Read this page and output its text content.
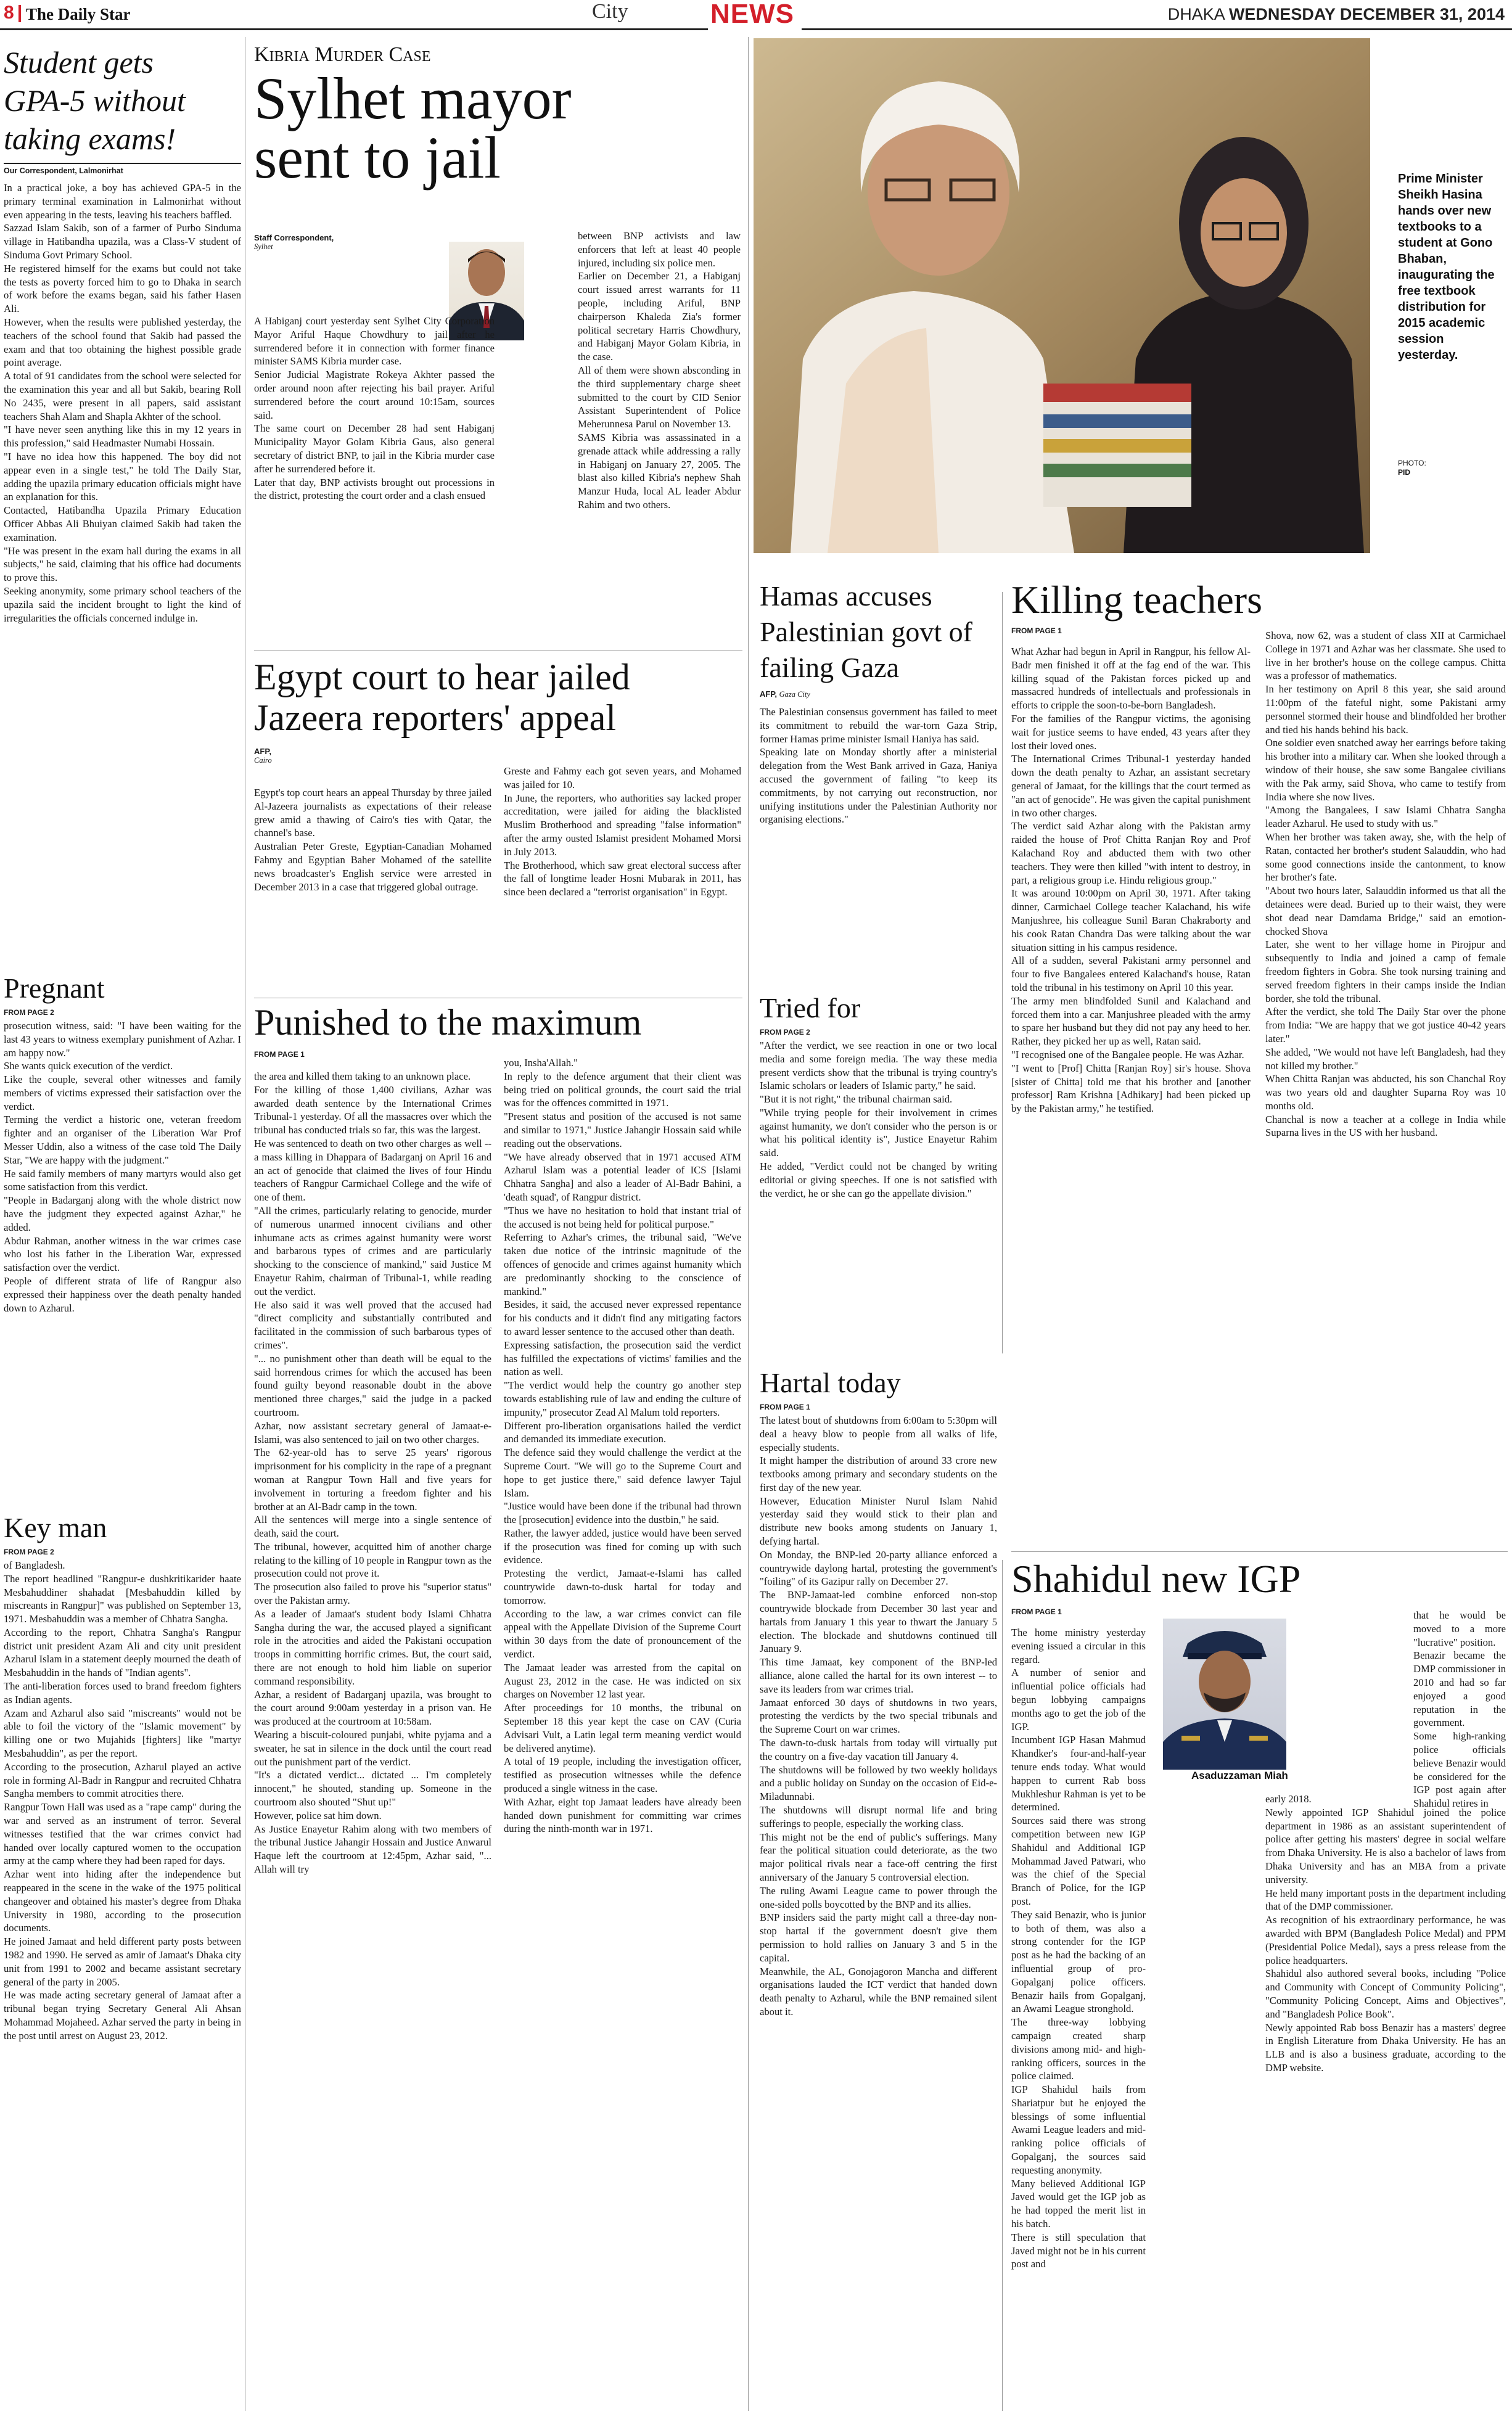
8 The Daily Star	City	NEWS	DHAKA WEDNESDAY DECEMBER 31, 2014
Student gets GPA-5 without taking exams!

Our Correspondent, Lalmonirhat

In a practical joke, a boy has achieved GPA-5 in the primary terminal examination in Lalmonirhat without even appearing in the tests, leaving his teachers baffled.
Sazzad Islam Sakib, son of a farmer of Purbo Sinduma village in Hatibandha upazila, was a Class-V student of Sinduma Govt Primary School.
He registered himself for the exams but could not take the tests as poverty forced him to go to Dhaka in search of work before the exams began, said his father Hasen Ali.
However, when the results were published yesterday, the teachers of the school found that Sakib had passed the exam and that too obtaining the highest possible grade point average.
A total of 91 candidates from the school were selected for the examination this year and all but Sakib, bearing Roll No 2435, were present in all papers, said assistant teachers Shah Alam and Shapla Akhter of the school.
"I have never seen anything like this in my 12 years in this profession," said Headmaster Numabi Hossain.
"I have no idea how this happened. The boy did not appear even in a single test," he told The Daily Star, adding the upazila primary education officials might have an explanation for this.
Contacted, Hatibandha Upazila Primary Education Officer Abbas Ali Bhuiyan claimed Sakib had taken the examination.
"He was present in the exam hall during the exams in all subjects," he said, claiming that his office had documents to prove this.
Seeking anonymity, some primary school teachers of the upazila said the incident brought to light the kind of irregularities the officials concerned indulge in.

Pregnant

FROM PAGE 2

prosecution witness, said: "I have been waiting for the last 43 years to witness exemplary punishment of Azhar. I am happy now."
She wants quick execution of the verdict.
Like the couple, several other witnesses and family members of victims expressed their satisfaction over the verdict.
Terming the verdict a historic one, veteran freedom fighter and an organiser of the Liberation War Prof Messer Uddin, also a witness of the case told The Daily Star, "We are happy with the judgment."
He said family members of many martyrs would also get some satisfaction from this verdict.
"People in Badarganj along with the whole district now have the judgment they expected against Azhar," he added.
Abdur Rahman, another witness in the war crimes case who lost his father in the Liberation War, expressed satisfaction over the verdict.
People of different strata of life of Rangpur also expressed their happiness over the death penalty handed down to Azharul.

Key man

FROM PAGE 2

of Bangladesh.
The report headlined "Rangpur-e dushkritikarider haate Mesbahuddiner shahadat [Mesbahuddin killed by miscreants in Rangpur]" was published on September 13, 1971. Mesbahuddin was a member of Chhatra Sangha.
According to the report, Chhatra Sangha's Rangpur district unit president Azam Ali and city unit president Azharul Islam in a statement deeply mourned the death of Mesbahuddin in the hands of "Indian agents".
The anti-liberation forces used to brand freedom fighters as Indian agents.
Azam and Azharul also said "miscreants" would not be able to foil the victory of the "Islamic movement" by killing one or two Mujahids [fighters] like "martyr Mesbahuddin", as per the report.
According to the prosecution, Azharul played an active role in forming Al-Badr in Rangpur and recruited Chhatra Sangha members to commit atrocities there.
Rangpur Town Hall was used as a "rape camp" during the war and served as an instrument of terror. Several witnesses testified that the war crimes convict had handed over locally captured women to the occupation army at the camp where they had been raped for days.
Azhar went into hiding after the independence but reappeared in the scene in the wake of the 1975 political changeover and obtained his master's degree from Dhaka University in 1980, according to the prosecution documents.
He joined Jamaat and held different party posts between 1982 and 1990. He served as amir of Jamaat's Dhaka city unit from 1991 to 2002 and became assistant secretary general of the party in 2005.
He was made acting secretary general of Jamaat after a tribunal began trying Secretary General Ali Ahsan Mohammad Mojaheed. Azhar served the party in being in the post until arrest on August 23, 2012.

Kibria Murder Case

Sylhet mayor sent to jail

Staff Correspondent,
Sylhet

A Habiganj court yesterday sent Sylhet City Corporation Mayor Ariful Haque Chowdhury to jail after he surrendered before it in connection with former finance minister SAMS Kibria murder case.
Senior Judicial Magistrate Rokeya Akhter passed the order around noon after rejecting his bail prayer. Ariful surrendered before the court around 10:15am, sources said.
The same court on December 28 had sent Habiganj Municipality Mayor Golam Kibria Gaus, also general secretary of district BNP, to jail in the Kibria murder case after he surrendered before it.
Later that day, BNP activists brought out processions in the district, protesting the court order and a clash ensued

between BNP activists and law enforcers that left at least 40 people injured, including six police men.
Earlier on December 21, a Habiganj court issued arrest warrants for 11 people, including Ariful, BNP chairperson Khaleda Zia's former political secretary Harris Chowdhury, and Habiganj Mayor Golam Kibria, in the case.
All of them were shown absconding in the third supplementary charge sheet submitted to the court by CID Senior Assistant Superintendent of Police Meherunnesa Parul on November 13.
SAMS Kibria was assassinated in a grenade attack while addressing a rally in Habiganj on January 27, 2005. The blast also killed Kibria's nephew Shah Manzur Huda, local AL leader Abdur Rahim and two others.

Egypt court to hear jailed Jazeera reporters' appeal

AFP,
Cairo

Egypt's top court hears an appeal Thursday by three jailed Al-Jazeera journalists as expectations of their release grew amid a thawing of Cairo's ties with Qatar, the channel's base.
Australian Peter Greste, Egyptian-Canadian Mohamed Fahmy and Egyptian Baher Mohamed of the satellite news broadcaster's English service were arrested in December 2013 in a case that triggered global outrage.

Greste and Fahmy each got seven years, and Mohamed was jailed for 10.
In June, the reporters, who authorities say lacked proper accreditation, were jailed for aiding the blacklisted Muslim Brotherhood and spreading "false information" after the army ousted Islamist president Mohamed Morsi in July 2013.
The Brotherhood, which saw great electoral success after the fall of longtime leader Hosni Mubarak in 2011, has since been declared a "terrorist organisation" in Egypt.

Punished to the maximum

FROM PAGE 1

the area and killed them taking to an unknown place.
For the killing of those 1,400 civilians, Azhar was awarded death sentence by the International Crimes Tribunal-1 yesterday. Of all the massacres over which the tribunal has conducted trials so far, this was the largest.
He was sentenced to death on two other charges as well -- a mass killing in Dhappara of Badarganj on April 16 and an act of genocide that claimed the lives of four Hindu teachers of Rangpur Carmichael College and the wife of one of them.
"All the crimes, particularly relating to genocide, murder of numerous unarmed innocent civilians and other inhumane acts as crimes against humanity were worst and barbarous types of crimes and are particularly shocking to the conscience of mankind," said Justice M Enayetur Rahim, chairman of Tribunal-1, while reading out the verdict.
He also said it was well proved that the accused had "direct complicity and substantially contributed and facilitated in the commission of such barbarous types of crimes".
"... no punishment other than death will be equal to the said horrendous crimes for which the accused has been found guilty beyond reasonable doubt in the above mentioned three charges," said the judge in a packed courtroom.
Azhar, now assistant secretary general of Jamaat-e-Islami, was also sentenced to jail on two other charges.
The 62-year-old has to serve 25 years' rigorous imprisonment for his complicity in the rape of a pregnant woman at Rangpur Town Hall and five years for involvement in torturing a freedom fighter and his brother at an Al-Badr camp in the town.
All the sentences will merge into a single sentence of death, said the court.
The tribunal, however, acquitted him of another charge relating to the killing of 10 people in Rangpur town as the prosecution could not prove it.
The prosecution also failed to prove his "superior status" over the Pakistan army.
As a leader of Jamaat's student body Islami Chhatra Sangha during the war, the accused played a significant role in the atrocities and aided the Pakistani occupation troops in committing horrific crimes. But, the court said, there are not enough to hold him liable on superior command responsibility.
Azhar, a resident of Badarganj upazila, was brought to the court around 9:00am yesterday in a prison van. He was produced at the courtroom at 10:58am.
Wearing a biscuit-coloured punjabi, white pyjama and a sweater, he sat in silence in the dock until the court read out the punishment part of the verdict.
"It's a dictated verdict... dictated ... I'm completely innocent," he shouted, standing up. Someone in the courtroom also shouted "Shut up!"
However, police sat him down.
As Justice Enayetur Rahim along with two members of the tribunal Justice Jahangir Hossain and Justice Anwarul Haque left the courtroom at 12:45pm, Azhar said, "... Allah will try

you, Insha'Allah."
In reply to the defence argument that their client was being tried on political grounds, the court said the trial was for the offences committed in 1971.
"Present status and position of the accused is not same and similar to 1971," Justice Jahangir Hossain said while reading out the observations.
"We have already observed that in 1971 accused ATM Azharul Islam was a potential leader of ICS [Islami Chhatra Sangha] and also a leader of Al-Badr Bahini, a 'death squad', of Rangpur district.
"Thus we have no hesitation to hold that instant trial of the accused is not being held for political purpose."
Referring to Azhar's crimes, the tribunal said, "We've taken due notice of the intrinsic magnitude of the offences of genocide and crimes against humanity which are predominantly shocking to the conscience of mankind."
Besides, it said, the accused never expressed repentance for his conducts and it didn't find any mitigating factors to award lesser sentence to the accused other than death.
Expressing satisfaction, the prosecution said the verdict has fulfilled the expectations of victims' families and the nation as well.
"The verdict would help the country go another step towards establishing rule of law and ending the culture of impunity," prosecutor Zead Al Malum told reporters.
Different pro-liberation organisations hailed the verdict and demanded its immediate execution.
The defence said they would challenge the verdict at the Supreme Court. "We will go to the Supreme Court and hope to get justice there," said defence lawyer Tajul Islam.
"Justice would have been done if the tribunal had thrown the [prosecution] evidence into the dustbin," he said.
Rather, the lawyer added, justice would have been served if the prosecution was fined for coming up with such evidence.
Protesting the verdict, Jamaat-e-Islami has called countrywide dawn-to-dusk hartal for today and tomorrow.
According to the law, a war crimes convict can file appeal with the Appellate Division of the Supreme Court within 30 days from the date of pronouncement of the verdict.
The Jamaat leader was arrested from the capital on August 23, 2012 in the case. He was indicted on six charges on November 12 last year.
After proceedings for 10 months, the tribunal on September 18 this year kept the case on CAV (Curia Advisari Vult, a Latin legal term meaning verdict would be delivered anytime).
A total of 19 people, including the investigation officer, testified as prosecution witnesses while the defence produced a single witness in the case.
With Azhar, eight top Jamaat leaders have already been handed down punishment for committing war crimes during the ninth-month war in 1971.

Prime Minister Sheikh Hasina hands over new textbooks to a student at Gono Bhaban, inaugurating the free textbook distribution for 2015 academic session yesterday.
PHOTO:
PID
Hamas accuses Palestinian govt of failing Gaza

AFP, Gaza City

The Palestinian consensus government has failed to meet its commitment to rebuild the war-torn Gaza Strip, former Hamas prime minister Ismail Haniya has said.
Speaking late on Monday shortly after a ministerial delegation from the West Bank arrived in Gaza, Haniya accused the government of failing "to keep its commitments, by not carrying out reconstruction, nor unifying institutions under the Palestinian Authority nor organising elections."

Tried for

FROM PAGE 2

"After the verdict, we see reaction in one or two local media and some foreign media. The way these media present verdicts show that the tribunal is trying country's Islamic scholars or leaders of Islamic party," he said.
"But it is not right," the tribunal chairman said.
"While trying people for their involvement in crimes against humanity, we don't consider who the person is or what his political identity is", Justice Enayetur Rahim said.
He added, "Verdict could not be changed by writing editorial or giving speeches. If one is not satisfied with the verdict, he or she can go the appellate division."

Hartal today

FROM PAGE 1

The latest bout of shutdowns from 6:00am to 5:30pm will deal a heavy blow to people from all walks of life, especially students.
It might hamper the distribution of around 33 crore new textbooks among primary and secondary students on the first day of the new year.
However, Education Minister Nurul Islam Nahid yesterday said they would stick to their plan and distribute new books among students on January 1, defying hartal.
On Monday, the BNP-led 20-party alliance enforced a countrywide daylong hartal, protesting the government's "foiling" of its Gazipur rally on December 27.
The BNP-Jamaat-led combine enforced non-stop countrywide blockade from December 30 last year and hartals from January 1 this year to thwart the January 5 election. The blockade and shutdowns continued till January 9.
This time Jamaat, key component of the BNP-led alliance, alone called the hartal for its own interest -- to save its leaders from war crimes trial.
Jamaat enforced 30 days of shutdowns in two years, protesting the verdicts by the two special tribunals and the Supreme Court on war crimes.
The dawn-to-dusk hartals from today will virtually put the country on a five-day vacation till January 4.
The shutdowns will be followed by two weekly holidays and a public holiday on Sunday on the occasion of Eid-e-Miladunnabi.
The shutdowns will disrupt normal life and bring sufferings to people, especially the working class.
This might not be the end of public's sufferings. Many fear the political situation could deteriorate, as the two major political rivals near a face-off centring the first anniversary of the January 5 controversial election.
The ruling Awami League came to power through the one-sided polls boycotted by the BNP and its allies.
BNP insiders said the party might call a three-day non-stop hartal if the government doesn't give them permission to hold rallies on January 3 and 5 in the capital.
Meanwhile, the AL, Gonojagoron Mancha and different organisations lauded the ICT verdict that handed down death penalty to Azharul, while the BNP remained silent about it.

Killing teachers

FROM PAGE 1

What Azhar had begun in April in Rangpur, his fellow Al-Badr men finished it off at the fag end of the war. This killing squad of the Pakistan forces picked up and massacred hundreds of intellectuals and professionals in efforts to cripple the soon-to-be-born Bangladesh.
For the families of the Rangpur victims, the agonising wait for justice seems to have ended, 43 years after they lost their loved ones.
The International Crimes Tribunal-1 yesterday handed down the death penalty to Azhar, an assistant secretary general of Jamaat, for the killings that the court termed as "an act of genocide". He was given the capital punishment in two other charges.
The verdict said Azhar along with the Pakistan army raided the house of Prof Chitta Ranjan Roy and Prof Kalachand Roy and abducted them with two other teachers. They were then killed "with intent to destroy, in part, a religious group i.e. Hindu religious group."
It was around 10:00pm on April 30, 1971. After taking dinner, Carmichael College teacher Kalachand, his wife Manjushree, his colleague Sunil Baran Chakraborty and his cook Ratan Chandra Das were talking about the war situation sitting in his campus residence.
All of a sudden, several Pakistani army personnel and four to five Bangalees entered Kalachand's house, Ratan told the tribunal in his testimony on April 10 this year.
The army men blindfolded Sunil and Kalachand and forced them into a car. Manjushree pleaded with the army to spare her husband but they did not pay any heed to her. Rather, they picked her up as well, Ratan said.
"I recognised one of the Bangalee people. He was Azhar.
"I went to [Prof] Chitta [Ranjan Roy] sir's house. Shova [sister of Chitta] told me that his brother and [another professor] Ram Krishna [Adhikary] had been picked up by the Pakistan army," he testified.

Shova, now 62, was a student of class XII at Carmichael College in 1971 and Azhar was her classmate. She used to live in her brother's house on the college campus. Chitta was a professor of mathematics.
In her testimony on April 8 this year, she said around 11:00pm of the fateful night, some Pakistani army personnel stormed their house and blindfolded her brother and tied his hands behind his back.
One soldier even snatched away her earrings before taking his brother into a military car. When she looked through a window of their house, she saw some Bangalee civilians with the Pak army, said Shova, who came to testify from India where she now lives.
"Among the Bangalees, I saw Islami Chhatra Sangha leader Azharul. He used to study with us."
When her brother was taken away, she, with the help of Ratan, contacted her brother's student Salauddin, who had some good connections inside the cantonment, to know her brother's fate.
"About two hours later, Salauddin informed us that all the detainees were dead. Buried up to their waist, they were shot dead near Damdama Bridge," said an emotion-chocked Shova
Later, she went to her village home in Pirojpur and subsequently to India and joined a camp of female freedom fighters in Gobra. She took nursing training and served freedom fighters in their camps inside the Indian border, she told the tribunal.
After the verdict, she told The Daily Star over the phone from India: "We are happy that we got justice 40-42 years later."
She added, "We would not have left Bangladesh, had they not killed my brother."
When Chitta Ranjan was abducted, his son Chanchal Roy was two years old and daughter Suparna Roy was 10 months old.
Chanchal is now a teacher at a college in India while Suparna lives in the US with her husband.

Shahidul new IGP

FROM PAGE 1

The home ministry yesterday evening issued a circular in this regard.
A number of senior and influential police officials had begun lobbying campaigns months ago to get the job of the IGP.
Incumbent IGP Hasan Mahmud Khandker's four-and-half-year tenure ends today. What would happen to current Rab boss Mukhleshur Rahman is yet to be determined.
Sources said there was strong competition between new IGP Shahidul and Additional IGP Mohammad Javed Patwari, who was the chief of the Special Branch of Police, for the IGP post.
They said Benazir, who is junior to both of them, was also a strong contender for the IGP post as he had the backing of an influential group of pro-Gopalganj police officers. Benazir hails from Gopalganj, an Awami League stronghold.
The three-way lobbying campaign created sharp divisions among mid- and high-ranking officers, sources in the police claimed.
IGP Shahidul hails from Shariatpur but he enjoyed the blessings of some influential Awami League leaders and mid-ranking police officials of Gopalganj, the sources said requesting anonymity.
Many believed Additional IGP Javed would get the IGP job as he had topped the merit list in his batch.
There is still speculation that Javed might not be in his current post and

Asaduzzaman Miah

that he would be moved to a more "lucrative" position.
Benazir became the DMP commissioner in 2010 and had so far enjoyed a good reputation in the government.
Some high-ranking police officials believe Benazir would be considered for the IGP post again after Shahidul retires in

early 2018.
Newly appointed IGP Shahidul joined the police department in 1986 as an assistant superintendent of police after getting his masters' degree in social welfare from Dhaka University. He is also a bachelor of laws from Dhaka University and has an MBA from a private university.
He held many important posts in the department including that of the DMP commissioner.
As recognition of his extraordinary performance, he was awarded with BPM (Bangladesh Police Medal) and PPM (Presidential Police Medal), says a press release from the police headquarters.
Shahidul also authored several books, including "Police and Community with Concept of Community Policing", "Community Policing Concept, Aims and Objectives", and "Bangladesh Police Book".
Newly appointed Rab boss Benazir has a masters' degree in English Literature from Dhaka University. He has an LLB and is also a business graduate, according to the DMP website.
